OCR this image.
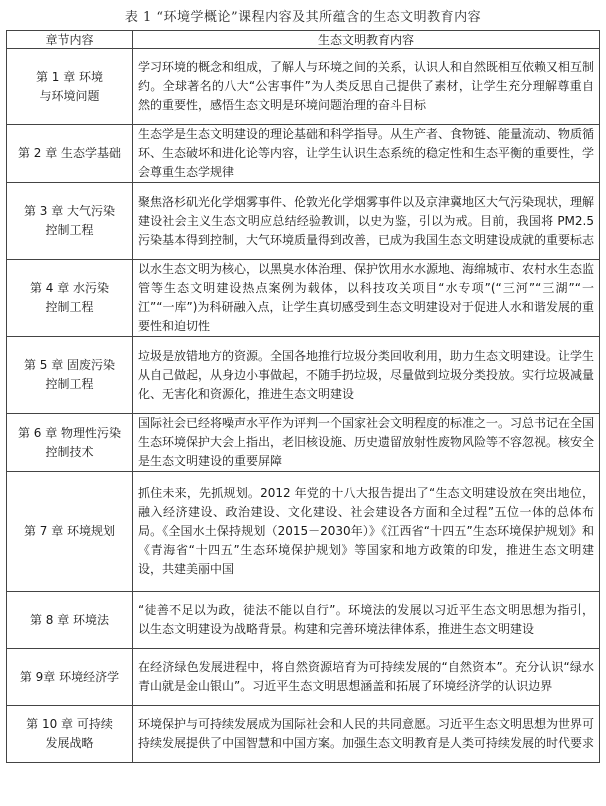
表 1 “环境学概论”课程内容及其所蕴含的生态文明教育内容
章节内容	生态文明教育内容
第 1 章 环境
与环境问题	学习环境的概念和组成，了解人与环境之间的关系，认识人和自然既相互依赖又相互制约。全球著名的八大“公害事件”为人类反思自己提供了素材，让学生充分理解尊重自然的重要性，感悟生态文明是环境问题治理的奋斗目标
第 2 章 生态学基础	生态学是生态文明建设的理论基础和科学指导。从生产者、食物链、能量流动、物质循环、生态破坏和进化论等内容，让学生认识生态系统的稳定性和生态平衡的重要性，学会尊重生态学规律
第 3 章 大气污染
控制工程	聚焦洛杉矶光化学烟雾事件、伦敦光化学烟雾事件以及京津冀地区大气污染现状，理解建设社会主义生态文明应总结经验教训，以史为鉴，引以为戒。目前，我国将 PM2.5 污染基本得到控制，大气环境质量得到改善，已成为我国生态文明建设成就的重要标志
第 4 章 水污染
控制工程	以水生态文明为核心，以黑臭水体治理、保护饮用水水源地、海绵城市、农村水生态监管等生态文明建设热点案例为载体，以科技攻关项目“水专项”(“三河”“三湖”“一江”“一库”)为科研融入点，让学生真切感受到生态文明建设对于促进人水和谐发展的重要性和迫切性
第 5 章 固废污染
控制工程	垃圾是放错地方的资源。全国各地推行垃圾分类回收利用，助力生态文明建设。让学生从自己做起，从身边小事做起，不随手扔垃圾，尽量做到垃圾分类投放。实行垃圾减量化、无害化和资源化，推进生态文明建设
第 6 章 物理性污染
控制技术	国际社会已经将噪声水平作为评判一个国家社会文明程度的标准之一。习总书记在全国生态环境保护大会上指出，老旧核设施、历史遗留放射性废物风险等不容忽视。核安全是生态文明建设的重要屏障
第 7 章 环境规划	抓住未来，先抓规划。2012 年党的十八大报告提出了“生态文明建设放在突出地位，融入经济建设、政治建设、文化建设、社会建设各方面和全过程”五位一体的总体布局。《全国水土保持规划（2015－2030年）》《江西省“十四五”生态环境保护规划》和《青海省“十四五”生态环境保护规划》等国家和地方政策的印发，推进生态文明建设，共建美丽中国
第 8 章 环境法	“徒善不足以为政，徒法不能以自行”。环境法的发展以习近平生态文明思想为指引，以生态文明建设为战略背景。构建和完善环境法律体系，推进生态文明建设
第 9章 环境经济学	在经济绿色发展进程中，将自然资源培育为可持续发展的“自然资本”。充分认识“绿水青山就是金山银山”。习近平生态文明思想涵盖和拓展了环境经济学的认识边界
第 10 章 可持续
发展战略	环境保护与可持续发展成为国际社会和人民的共同意愿。习近平生态文明思想为世界可持续发展提供了中国智慧和中国方案。加强生态文明教育是人类可持续发展的时代要求
